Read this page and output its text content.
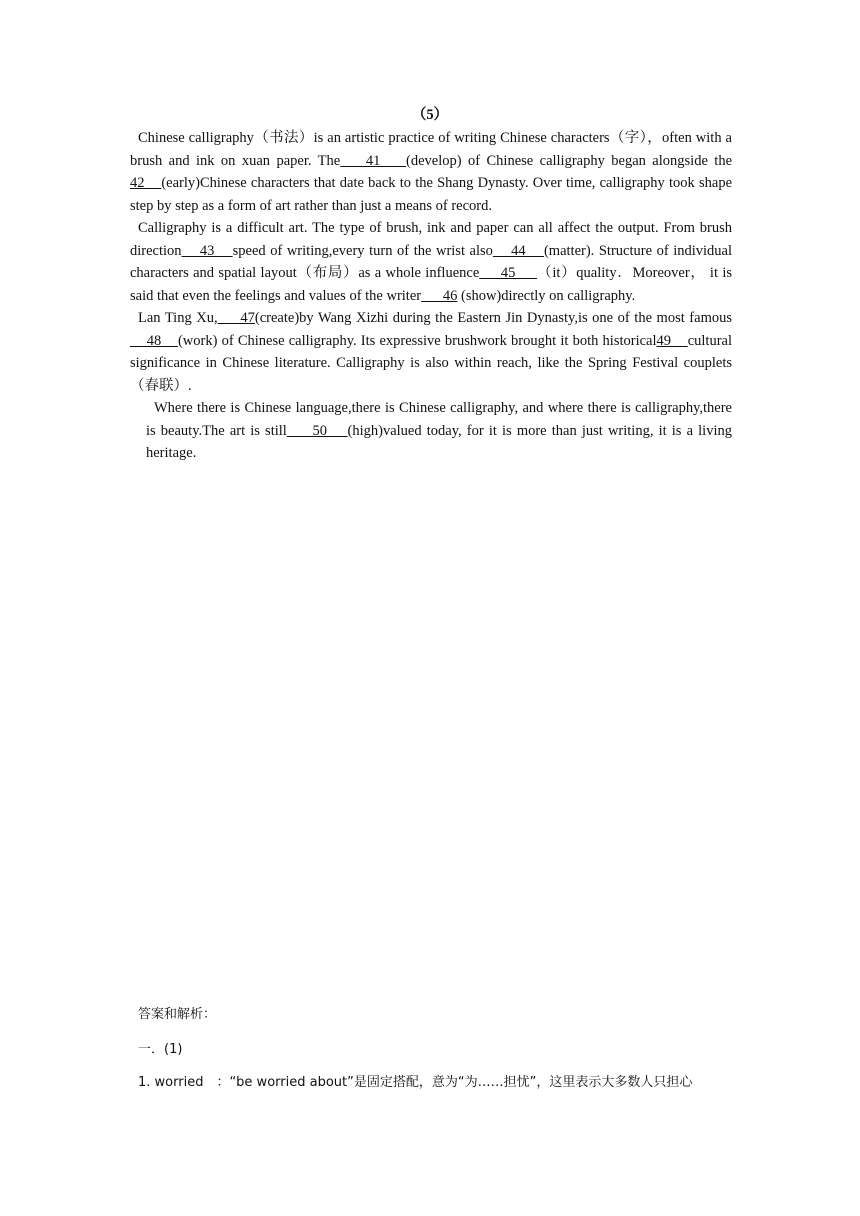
（5）

Chinese calligraphy（书法）is an artistic practice of writing Chinese characters（字），often with a brush and ink on xuan paper. The    41    (develop) of Chinese calligraphy began alongside the 42    (early)Chinese characters that date back to the Shang Dynasty. Over time, calligraphy took shape step by step as a form of art rather than just a means of record.

Calligraphy is a difficult art. The type of brush, ink and paper can all affect the output. From brush direction    43    speed of writing,every turn of the wrist also    44    (matter). Structure of individual characters and spatial layout（布局）as a whole influence     45     （it）quality．Moreover， it is said that even the feelings and values of the writer      46 (show)directly on calligraphy.

Lan Ting Xu,     47(create)by Wang Xizhi during the Eastern Jin Dynasty,is one of the most famous    48    (work) of Chinese calligraphy. Its expressive brushwork brought it both historical49    cultural significance in Chinese literature. Calligraphy is also within reach, like the Spring Festival couplets（春联）.

Where there is Chinese language,there is Chinese calligraphy, and where there is calligraphy,there is beauty.The art is still     50    (high)valued today, for it is more than just writing, it is a living heritage.

答案和解析：
一．(1)
1. worried　：“be worried about”是固定搭配，意为“为……担忧”，这里表示大多数人只担心
